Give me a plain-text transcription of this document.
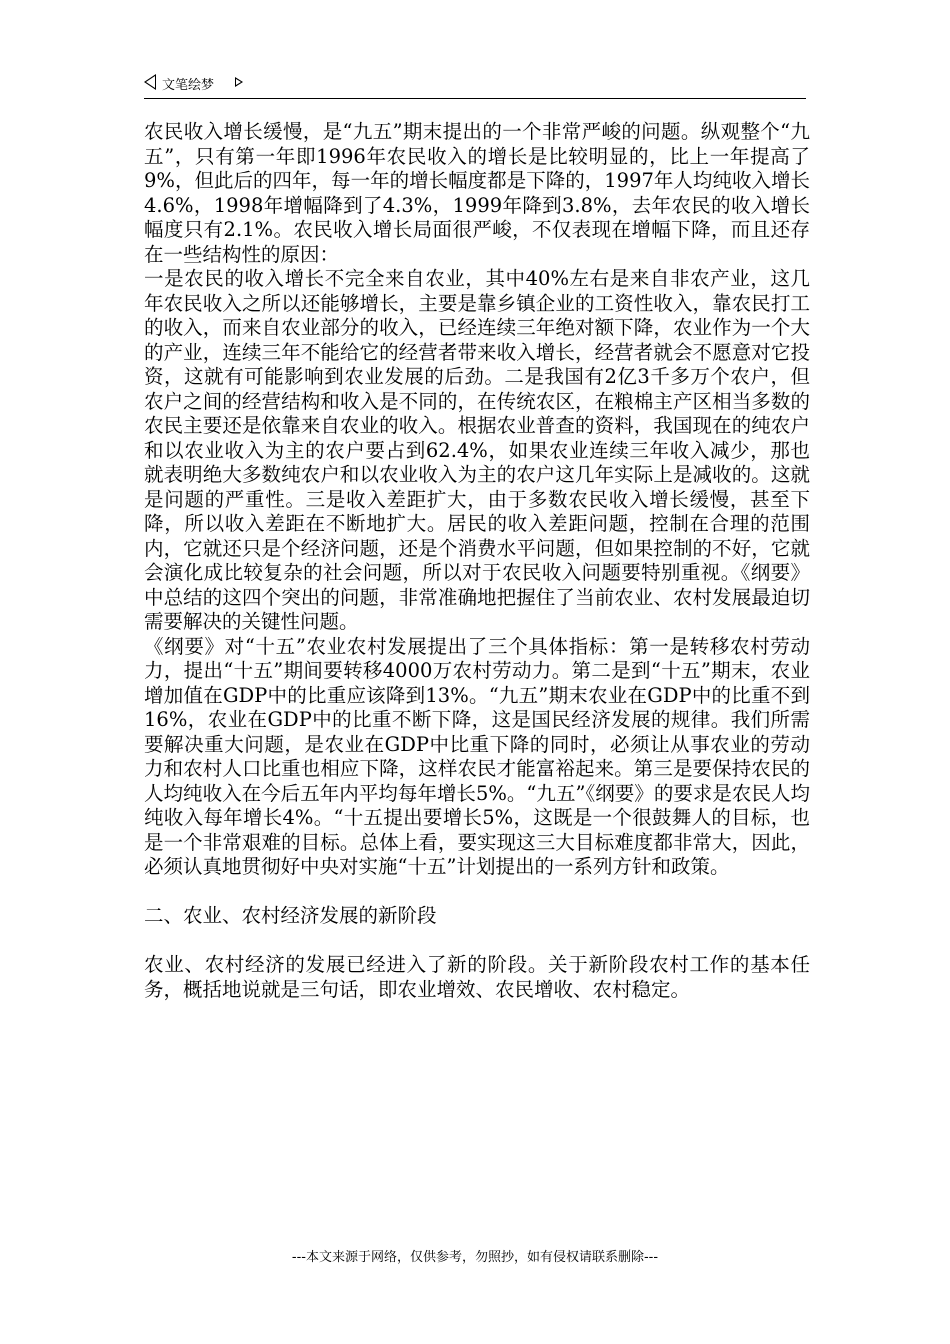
文笔绘梦

农民收入增长缓慢，是“九五”期末提出的一个非常严峻的问题。纵观整个“九五”，只有第一年即1996年农民收入的增长是比较明显的，比上一年提高了9%，但此后的四年，每一年的增长幅度都是下降的，1997年人均纯收入增长4.6%，1998年增幅降到了4.3%，1999年降到3.8%，去年农民的收入增长幅度只有2.1%。农民收入增长局面很严峻，不仅表现在增幅下降，而且还存在一些结构性的原因：

一是农民的收入增长不完全来自农业，其中40%左右是来自非农产业，这几年农民收入之所以还能够增长，主要是靠乡镇企业的工资性收入，靠农民打工的收入，而来自农业部分的收入，已经连续三年绝对额下降，农业作为一个大的产业，连续三年不能给它的经营者带来收入增长，经营者就会不愿意对它投资，这就有可能影响到农业发展的后劲。二是我国有2亿3千多万个农户，但农户之间的经营结构和收入是不同的，在传统农区，在粮棉主产区相当多数的农民主要还是依靠来自农业的收入。根据农业普查的资料，我国现在的纯农户和以农业收入为主的农户要占到62.4%，如果农业连续三年收入减少，那也就表明绝大多数纯农户和以农业收入为主的农户这几年实际上是减收的。这就是问题的严重性。三是收入差距扩大，由于多数农民收入增长缓慢，甚至下降，所以收入差距在不断地扩大。居民的收入差距问题，控制在合理的范围内，它就还只是个经济问题，还是个消费水平问题，但如果控制的不好，它就会演化成比较复杂的社会问题，所以对于农民收入问题要特别重视。《纲要》中总结的这四个突出的问题，非常准确地把握住了当前农业、农村发展最迫切需要解决的关键性问题。

《纲要》对“十五”农业农村发展提出了三个具体指标：第一是转移农村劳动力，提出“十五”期间要转移4000万农村劳动力。第二是到“十五”期末，农业增加值在GDP中的比重应该降到13%。“九五”期末农业在GDP中的比重不到16%，农业在GDP中的比重不断下降，这是国民经济发展的规律。我们所需要解决重大问题，是农业在GDP中比重下降的同时，必须让从事农业的劳动力和农村人口比重也相应下降，这样农民才能富裕起来。第三是要保持农民的人均纯收入在今后五年内平均每年增长5%。“九五”《纲要》的要求是农民人均纯收入每年增长4%。“十五提出要增长5%，这既是一个很鼓舞人的目标，也是一个非常艰难的目标。总体上看，要实现这三大目标难度都非常大，因此，必须认真地贯彻好中央对实施“十五”计划提出的一系列方针和政策。

二、农业、农村经济发展的新阶段

农业、农村经济的发展已经进入了新的阶段。关于新阶段农村工作的基本任务，概括地说就是三句话，即农业增效、农民增收、农村稳定。

---本文来源于网络，仅供参考，勿照抄，如有侵权请联系删除---
